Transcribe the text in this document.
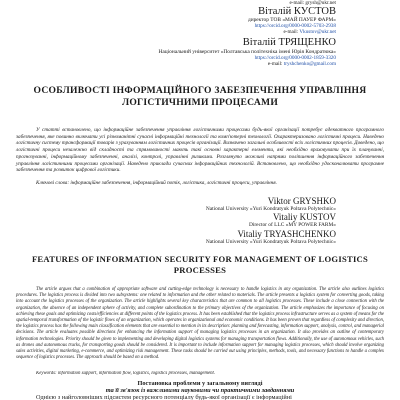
e-mail: grysh@ukr.net
Віталій КУСТОВ
директор ТОВ «МАЙ ПАУЕР ФАРМ»
https://orcid.org/0000-0002-5703-2938
e-mail: Vkustov@ukr.net
Віталій ТРЯЩЕНКО
Національний університет «Полтавська політехніка імені Юрія Кондратюка»
https://orcid.org/0000-0002-1859-3320
e-mail: tryshchenko@gmail.com
ОСОБЛИВОСТІ ІНФОРМАЦІЙНОГО ЗАБЕЗПЕЧЕННЯ УПРАВЛІННЯ
ЛОГІСТИЧНИМИ ПРОЦЕСАМИ
У статті встановлено, що інформаційне забезпечення управління логістичними процесами будь-якої організації потребує адекватного програмного забезпечення, яке повинно включати усі різноманітні сучасні інформаційні технології та комп'ютерні технології. Охарактеризовано логістичні процеси. Наведено логістичну систему трансформації товарів з урахуванням логістичних процесів організації. Визначено загальні особливості всіх логістичних процесів. Доведено, що логістичні процеси незалежно від складності та спрямованості мають такі основні характерні елементи, які необхідно враховувати при їх плануванні, прогнозуванні, інформаційному забезпеченні, аналізі, контролі, управлінні ризиками. Розглянуто можливі напрями поліпшення інформаційного забезпечення управління логістичними процесами організації. Наведено приклади сучасних інформаційних технологій. Встановлено, що необхідно удосконалювати програмне забезпечення та розвиток цифрової логістики.
Ключові слова: інформаційне забезпечення, інформаційний потік, логістика, логістичні процеси, управління.
Viktor GRYSHKO
National University «Yuri Kondratyuk Poltava Polytechnic»
Vitaliy KUSTOV
Director of LLC «MY POWER FARM»
Vitaliy TRYASHCHENKO
National University «Yuri Kondratyuk Poltava Polytechnic»
FEATURES OF INFORMATION SECURITY FOR MANAGEMENT OF LOGISTICS
PROCESSES
The article argues that a combination of appropriate software and cutting-edge technology is necessary to handle logistics in any organization. The article also outlines logistics procedures. The logistics process is divided into two subsystems: one related to information and the other related to materials. The article presents a logistics system for converting goods, taking into account the logistics processes of the organization. The article highlights several key characteristics that are common to all logistics processes. These include a close connection with the organization, the absence of an independent sphere of activity, and complete subordination to the primary objectives of the organization. The article emphasizes the importance of focusing on achieving these goals and optimizing costs/efficiencies at different points of the logistics process. It has been established that the logistics process infrastructure serves as a system of means for the spatial-temporal transformation of the logistic flows of an organization, which operates in organizational and economic conditions. It has been proven that regardless of complexity and direction, the logistics process has the following main classification elements that are essential to mention in its description: planning and forecasting, information support, analysis, control, and managerial decisions. The article evaluates possible directions for enhancing the information support of managing logistics processes in an organization. It also provides an outline of contemporary information technologies. Priority should be given to implementing and developing digital logistics systems for managing transportation flows. Additionally, the use of autonomous vehicles, such as drones and autonomous trucks, for transporting goods should be considered. It is important to include information support for managing logistics processes, which should involve organizing sales activities, digital marketing, e-commerce, and optimizing risk management. These tasks should be carried out using principles, methods, tools, and necessary functions to handle a complex sequence of logistics processes. The approach should be based on a method.
Keywords: information support, information flow, logistics, logistics processes, management.
Постановка проблеми у загальному вигляді
та її зв'язок із важливими науковими чи практичними завданнями
Однією з найголовніших підсистем ресурсного потенціалу будь-якої організації є інформаційні
